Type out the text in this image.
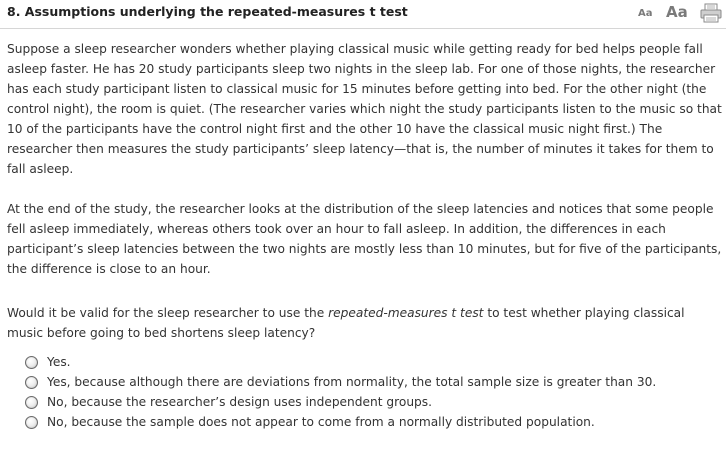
8. Assumptions underlying the repeated-measures t test	Aa Aa

Suppose a sleep researcher wonders whether playing classical music while getting ready for bed helps people fall asleep faster. He has 20 study participants sleep two nights in the sleep lab. For one of those nights, the researcher has each study participant listen to classical music for 15 minutes before getting into bed. For the other night (the control night), the room is quiet. (The researcher varies which night the study participants listen to the music so that 10 of the participants have the control night first and the other 10 have the classical music night first.) The researcher then measures the study participants’ sleep latency—that is, the number of minutes it takes for them to fall asleep.

At the end of the study, the researcher looks at the distribution of the sleep latencies and notices that some people fell asleep immediately, whereas others took over an hour to fall asleep. In addition, the differences in each participant’s sleep latencies between the two nights are mostly less than 10 minutes, but for five of the participants, the difference is close to an hour.

Would it be valid for the sleep researcher to use the repeated-measures t test to test whether playing classical music before going to bed shortens sleep latency?

Yes.
Yes, because although there are deviations from normality, the total sample size is greater than 30.
No, because the researcher’s design uses independent groups.
No, because the sample does not appear to come from a normally distributed population.
